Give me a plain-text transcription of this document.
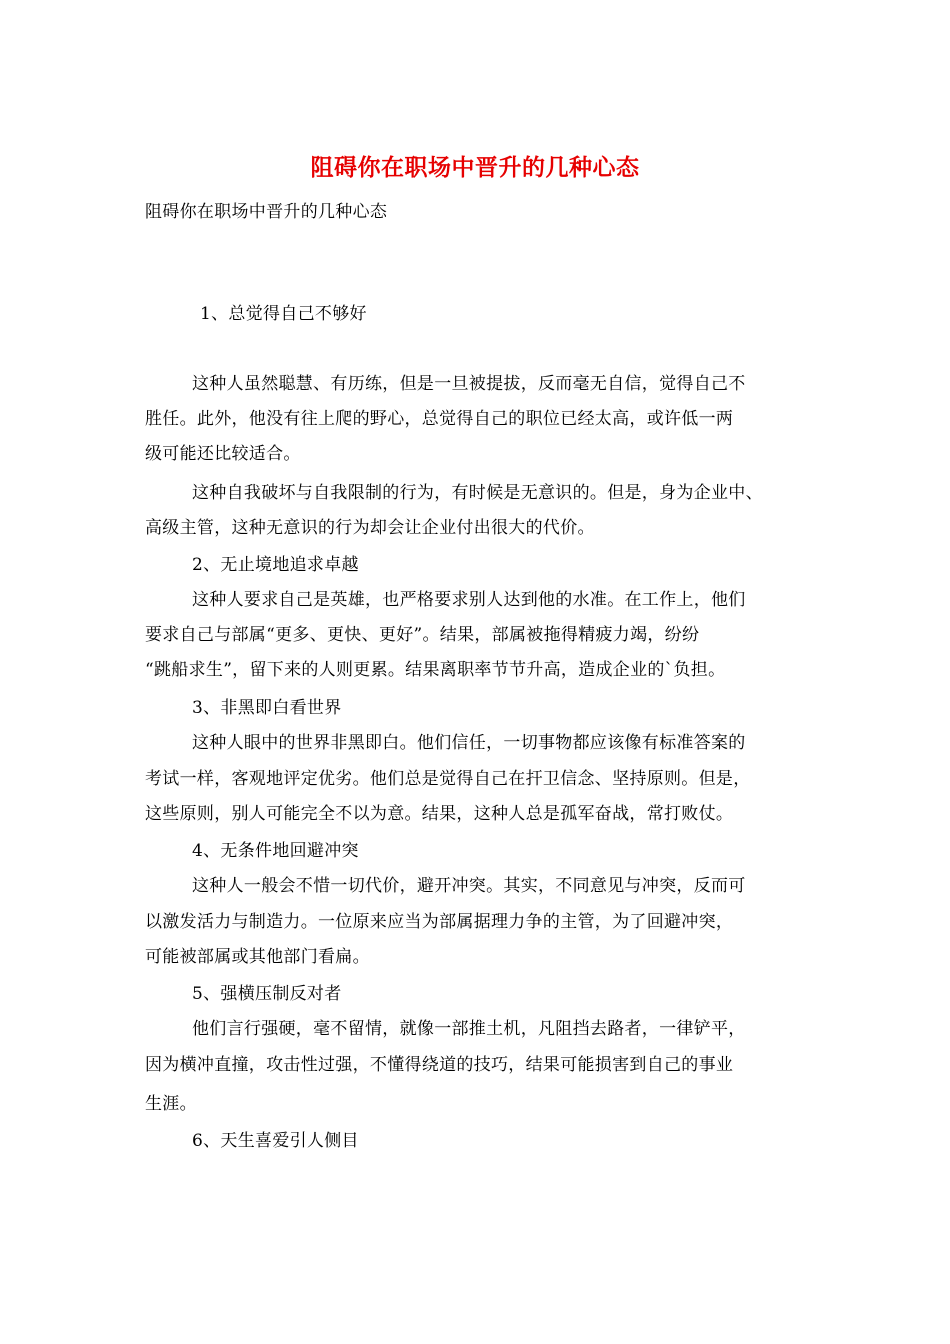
阻碍你在职场中晋升的几种心态
阻碍你在职场中晋升的几种心态
1、总觉得自己不够好
这种人虽然聪慧、有历练，但是一旦被提拔，反而毫无自信，觉得自己不
胜任。此外，他没有往上爬的野心，总觉得自己的职位已经太高，或许低一两
级可能还比较适合。
这种自我破坏与自我限制的行为，有时候是无意识的。但是，身为企业中、
高级主管，这种无意识的行为却会让企业付出很大的代价。
2、无止境地追求卓越
这种人要求自己是英雄，也严格要求别人达到他的水准。在工作上，他们
要求自己与部属“更多、更快、更好”。结果，部属被拖得精疲力竭，纷纷
“跳船求生”，留下来的人则更累。结果离职率节节升高，造成企业的`负担。
3、非黑即白看世界
这种人眼中的世界非黑即白。他们信任，一切事物都应该像有标准答案的
考试一样，客观地评定优劣。他们总是觉得自己在扞卫信念、坚持原则。但是，
这些原则，别人可能完全不以为意。结果，这种人总是孤军奋战，常打败仗。
4、无条件地回避冲突
这种人一般会不惜一切代价，避开冲突。其实，不同意见与冲突，反而可
以激发活力与制造力。一位原来应当为部属据理力争的主管，为了回避冲突，
可能被部属或其他部门看扁。
5、强横压制反对者
他们言行强硬，毫不留情，就像一部推土机，凡阻挡去路者，一律铲平，
因为横冲直撞，攻击性过强，不懂得绕道的技巧，结果可能损害到自己的事业
生涯。
6、天生喜爱引人侧目
